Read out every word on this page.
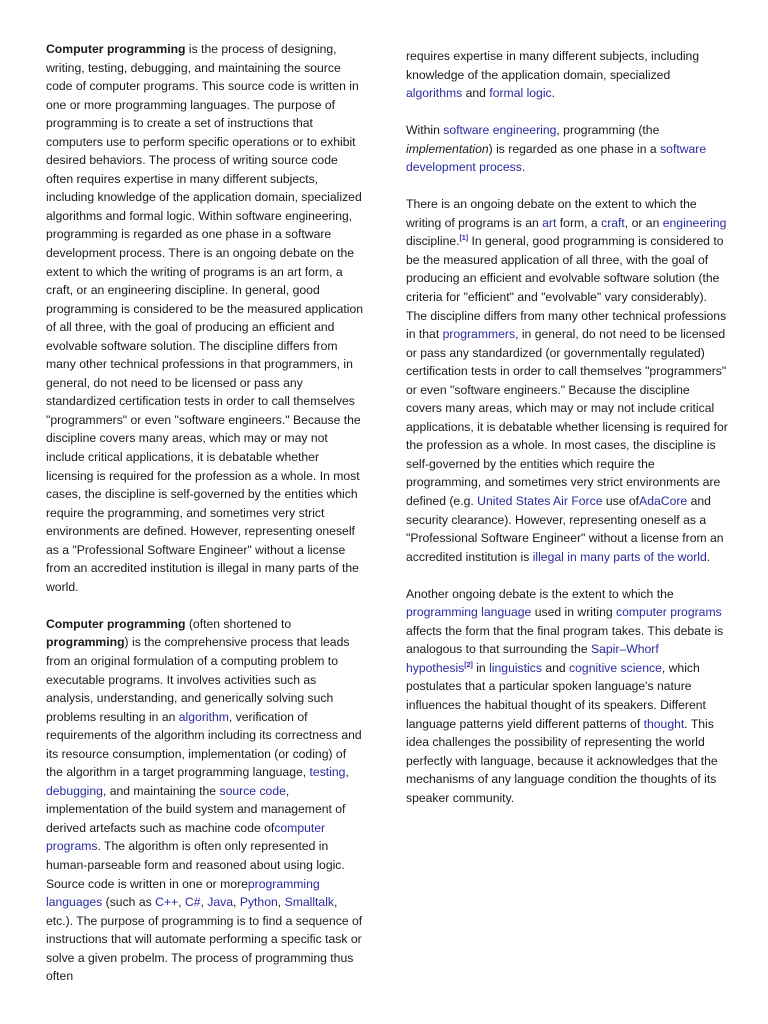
Computer programming is the process of designing, writing, testing, debugging, and maintaining the source code of computer programs. This source code is written in one or more programming languages. The purpose of programming is to create a set of instructions that computers use to perform specific operations or to exhibit desired behaviors. The process of writing source code often requires expertise in many different subjects, including knowledge of the application domain, specialized algorithms and formal logic. Within software engineering, programming is regarded as one phase in a software development process. There is an ongoing debate on the extent to which the writing of programs is an art form, a craft, or an engineering discipline. In general, good programming is considered to be the measured application of all three, with the goal of producing an efficient and evolvable software solution. The discipline differs from many other technical professions in that programmers, in general, do not need to be licensed or pass any standardized certification tests in order to call themselves "programmers" or even "software engineers." Because the discipline covers many areas, which may or may not include critical applications, it is debatable whether licensing is required for the profession as a whole. In most cases, the discipline is self-governed by the entities which require the programming, and sometimes very strict environments are defined. However, representing oneself as a "Professional Software Engineer" without a license from an accredited institution is illegal in many parts of the world.

Computer programming (often shortened to programming) is the comprehensive process that leads from an original formulation of a computing problem to executable programs. It involves activities such as analysis, understanding, and generically solving such problems resulting in an algorithm, verification of requirements of the algorithm including its correctness and its resource consumption, implementation (or coding) of the algorithm in a target programming language, testing, debugging, and maintaining the source code, implementation of the build system and management of derived artefacts such as machine code ofcomputer programs. The algorithm is often only represented in human-parseable form and reasoned about using logic. Source code is written in one or moreprogramming languages (such as C++, C#, Java, Python, Smalltalk, etc.). The purpose of programming is to find a sequence of instructions that will automate performing a specific task or solve a given probelm. The process of programming thus often

requires expertise in many different subjects, including knowledge of the application domain, specialized algorithms and formal logic.

Within software engineering, programming (the implementation) is regarded as one phase in a software development process.

There is an ongoing debate on the extent to which the writing of programs is an art form, a craft, or an engineering discipline.[1] In general, good programming is considered to be the measured application of all three, with the goal of producing an efficient and evolvable software solution (the criteria for "efficient" and "evolvable" vary considerably). The discipline differs from many other technical professions in that programmers, in general, do not need to be licensed or pass any standardized (or governmentally regulated) certification tests in order to call themselves "programmers" or even "software engineers." Because the discipline covers many areas, which may or may not include critical applications, it is debatable whether licensing is required for the profession as a whole. In most cases, the discipline is self-governed by the entities which require the programming, and sometimes very strict environments are defined (e.g. United States Air Force use ofAdaCore and security clearance). However, representing oneself as a "Professional Software Engineer" without a license from an accredited institution is illegal in many parts of the world.

Another ongoing debate is the extent to which the programming language used in writing computer programs affects the form that the final program takes. This debate is analogous to that surrounding the Sapir–Whorf hypothesis[2] in linguistics and cognitive science, which postulates that a particular spoken language's nature influences the habitual thought of its speakers. Different language patterns yield different patterns of thought. This idea challenges the possibility of representing the world perfectly with language, because it acknowledges that the mechanisms of any language condition the thoughts of its speaker community.
